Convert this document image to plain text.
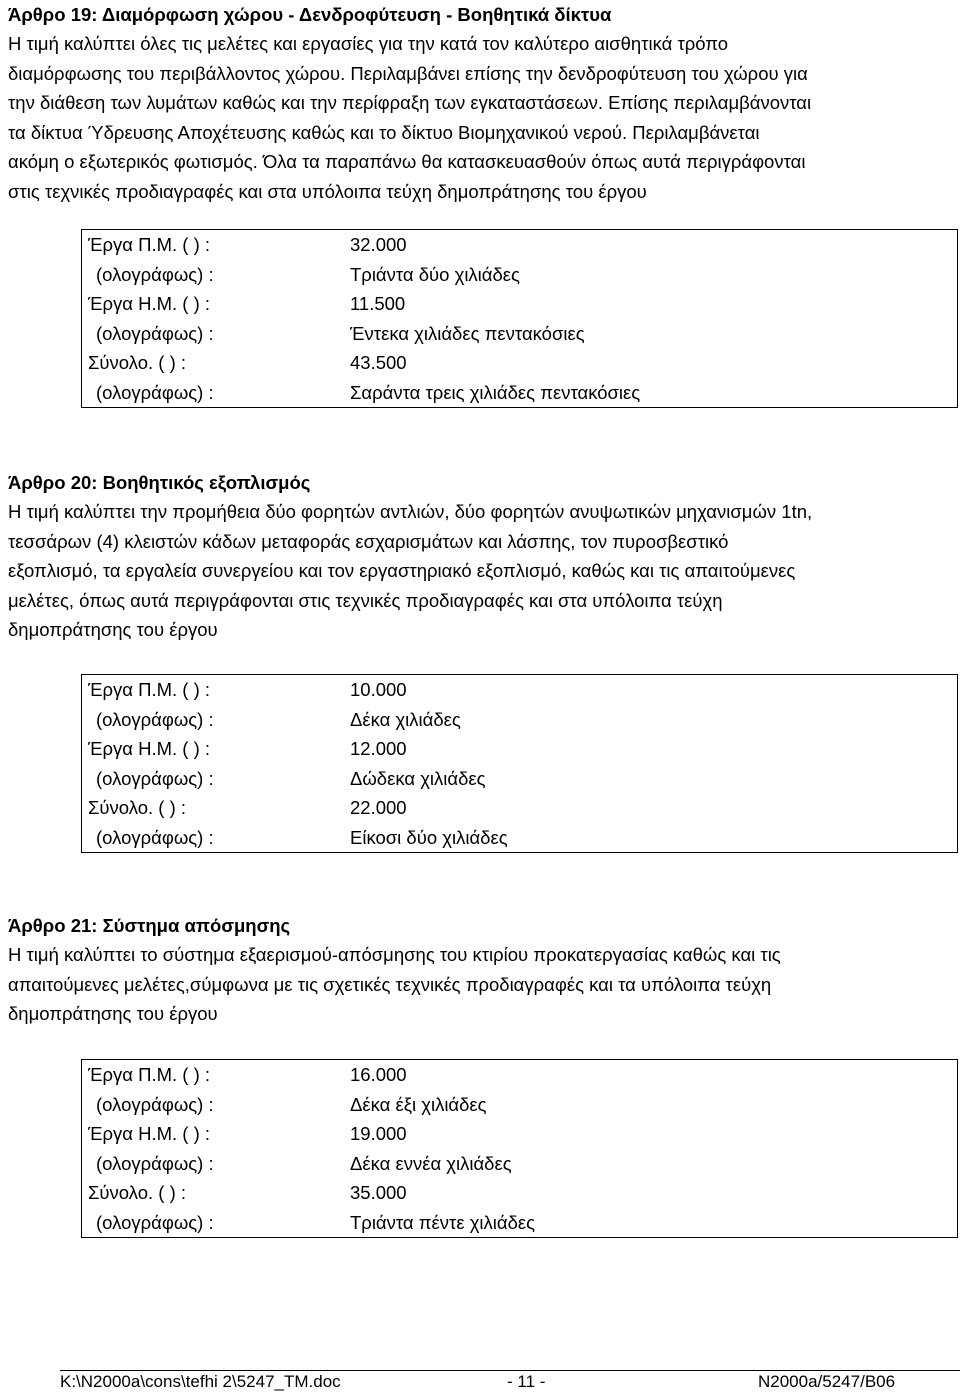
Άρθρο 19: Διαμόρφωση χώρου - Δενδροφύτευση - Βοηθητικά δίκτυα
Η τιμή καλύπτει όλες τις μελέτες και εργασίες για την κατά τον καλύτερο αισθητικά τρόπο
διαμόρφωσης του περιβάλλοντος χώρου. Περιλαμβάνει επίσης την δενδροφύτευση του χώρου για
την διάθεση των λυμάτων καθώς και την περίφραξη των εγκαταστάσεων. Επίσης περιλαμβάνονται
τα δίκτυα Ύδρευσης Αποχέτευσης καθώς και το δίκτυο Βιομηχανικού νερού. Περιλαμβάνεται
ακόμη ο εξωτερικός φωτισμός. Όλα τα παραπάνω θα κατασκευασθούν όπως αυτά περιγράφονται
στις τεχνικές προδιαγραφές και στα υπόλοιπα τεύχη δημοπράτησης του έργου
Έργα Π.Μ. ( ) :	32.000
(ολογράφως) :	Τριάντα δύο χιλιάδες
Έργα Η.Μ. ( ) :	11.500
(ολογράφως) :	Έντεκα χιλιάδες πεντακόσιες
Σύνολο. ( ) :	43.500
(ολογράφως) :	Σαράντα τρεις χιλιάδες πεντακόσιες
Άρθρο 20: Βοηθητικός εξοπλισμός
Η τιμή καλύπτει την προμήθεια δύο φορητών αντλιών, δύο φορητών ανυψωτικών μηχανισμών 1tn,
τεσσάρων (4) κλειστών κάδων μεταφοράς εσχαρισμάτων και λάσπης, τον πυροσβεστικό
εξοπλισμό, τα εργαλεία συνεργείου και τον εργαστηριακό εξοπλισμό, καθώς και τις απαιτούμενες
μελέτες, όπως αυτά περιγράφονται στις τεχνικές προδιαγραφές και στα υπόλοιπα τεύχη
δημοπράτησης του έργου
Έργα Π.Μ. ( ) :	10.000
(ολογράφως) :	Δέκα χιλιάδες
Έργα Η.Μ. ( ) :	12.000
(ολογράφως) :	Δώδεκα χιλιάδες
Σύνολο. ( ) :	22.000
(ολογράφως) :	Είκοσι δύο χιλιάδες
Άρθρο 21: Σύστημα απόσμησης
Η τιμή καλύπτει το σύστημα εξαερισμού-απόσμησης του κτιρίου προκατεργασίας καθώς και τις
απαιτούμενες μελέτες,σύμφωνα με τις σχετικές τεχνικές προδιαγραφές και τα υπόλοιπα τεύχη
δημοπράτησης του έργου
Έργα Π.Μ. ( ) :	16.000
(ολογράφως) :	Δέκα έξι χιλιάδες
Έργα Η.Μ. ( ) :	19.000
(ολογράφως) :	Δέκα εννέα χιλιάδες
Σύνολο. ( ) :	35.000
(ολογράφως) :	Τριάντα πέντε χιλιάδες
K:\N2000a\cons\tefhi 2\5247_TM.doc	- 11 -	N2000a/5247/B06
